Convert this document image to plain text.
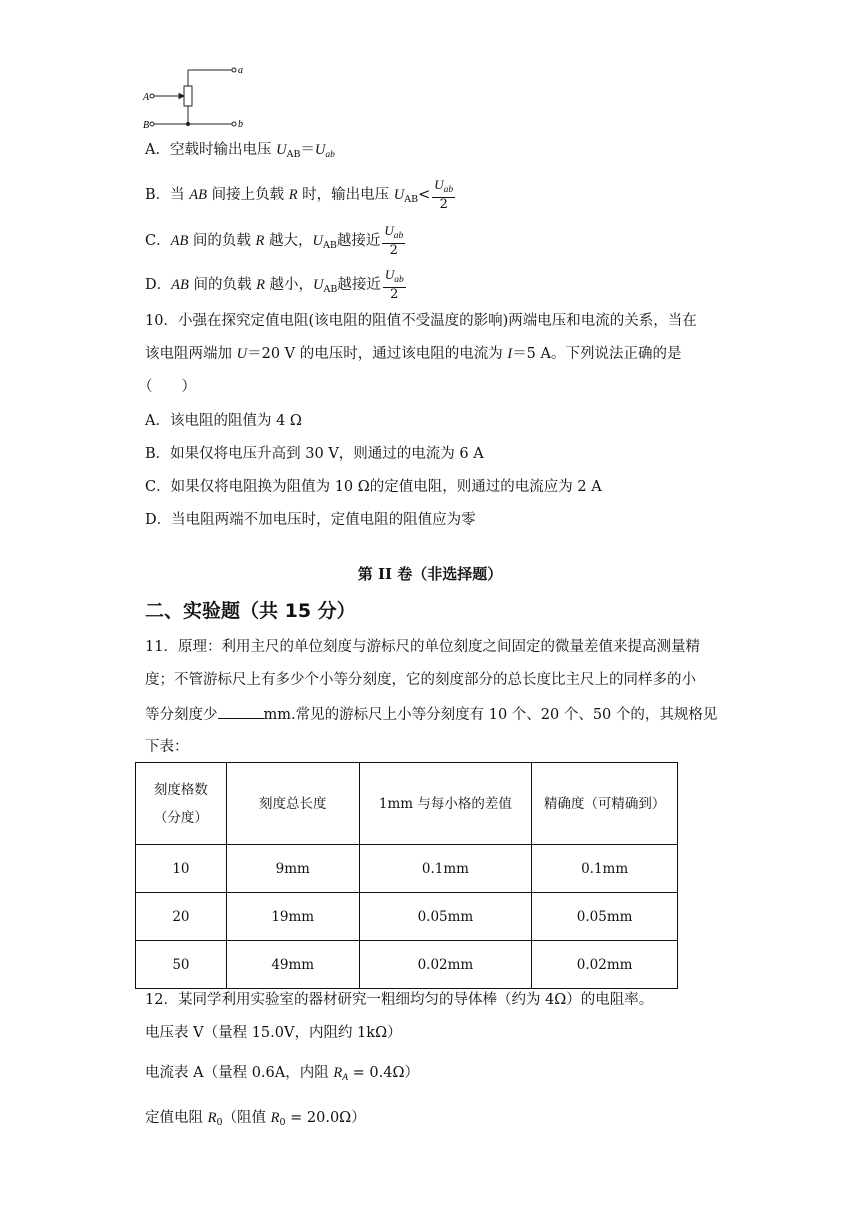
A
B
a
b
A．空载时输出电压 $U_{AB}=U_{ab}$
B．当 AB 间接上负载 R 时，输出电压 $U_{AB}< \frac{U_{ab}}{2}$
C．AB 间的负载 R 越大，$U_{AB}$越接近 $\frac{U_{ab}}{2}$
D．AB 间的负载 R 越小，$U_{AB}$越接近 $\frac{U_{ab}}{2}$
10．小强在探究定值电阻(该电阻的阻值不受温度的影响)两端电压和电流的关系，当在
该电阻两端加 U＝20 V 的电压时，通过该电阻的电流为 I＝5 A。下列说法正确的是
（　　）
A．该电阻的阻值为 4 Ω
B．如果仅将电压升高到 30 V，则通过的电流为 6 A
C．如果仅将电阻换为阻值为 10 Ω的定值电阻，则通过的电流应为 2 A
D．当电阻两端不加电压时，定值电阻的阻值应为零
第 II 卷（非选择题）
二、实验题（共 15 分）
11．原理：利用主尺的单位刻度与游标尺的单位刻度之间固定的微量差值来提高测量精
度；不管游标尺上有多少个小等分刻度，它的刻度部分的总长度比主尺上的同样多的小
等分刻度少	mm.常见的游标尺上小等分刻度有 10 个、20 个、50 个的，其规格见
下表：
刻度格数（分度）	刻度总长度	1mm 与每小格的差值	精确度（可精确到）
10	9mm	0.1mm	0.1mm
20	19mm	0.05mm	0.05mm
50	49mm	0.02mm	0.02mm
12．某同学利用实验室的器材研究一粗细均匀的导体棒（约为 4Ω）的电阻率。
电压表 V（量程 15.0V，内阻约 1kΩ）
电流表 A（量程 0.6A，内阻 $R_A = 0.4\Omega$）
定值电阻 $R_0$（阻值 $R_0 = 20.0\Omega$）
